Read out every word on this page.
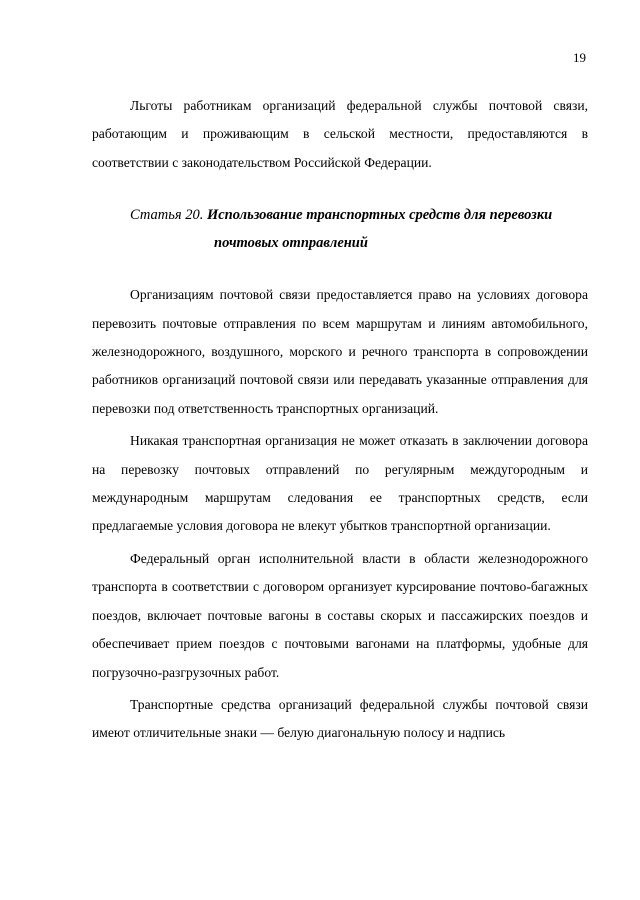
19

Льготы работникам организаций федеральной службы почтовой связи, работающим и проживающим в сельской местности, предоставляются в соответствии с законодательством Российской Федерации.

Статья 20. Использование транспортных средств для перевозки
почтовых отправлений

Организациям почтовой связи предоставляется право на условиях договора перевозить почтовые отправления по всем маршрутам и линиям автомобильного, железнодорожного, воздушного, морского и речного транспорта в сопровождении работников организаций почтовой связи или передавать указанные отправления для перевозки под ответственность транспортных организаций.

Никакая транспортная организация не может отказать в заключении договора на перевозку почтовых отправлений по регулярным междугородным и международным маршрутам следования ее транспортных средств, если предлагаемые условия договора не влекут убытков транспортной организации.

Федеральный орган исполнительной власти в области железнодорожного транспорта в соответствии с договором организует курсирование почтово-багажных поездов, включает почтовые вагоны в составы скорых и пассажирских поездов и обеспечивает прием поездов с почтовыми вагонами на платформы, удобные для погрузочно-разгрузочных работ.

Транспортные средства организаций федеральной службы почтовой связи имеют отличительные знаки — белую диагональную полосу и надпись
